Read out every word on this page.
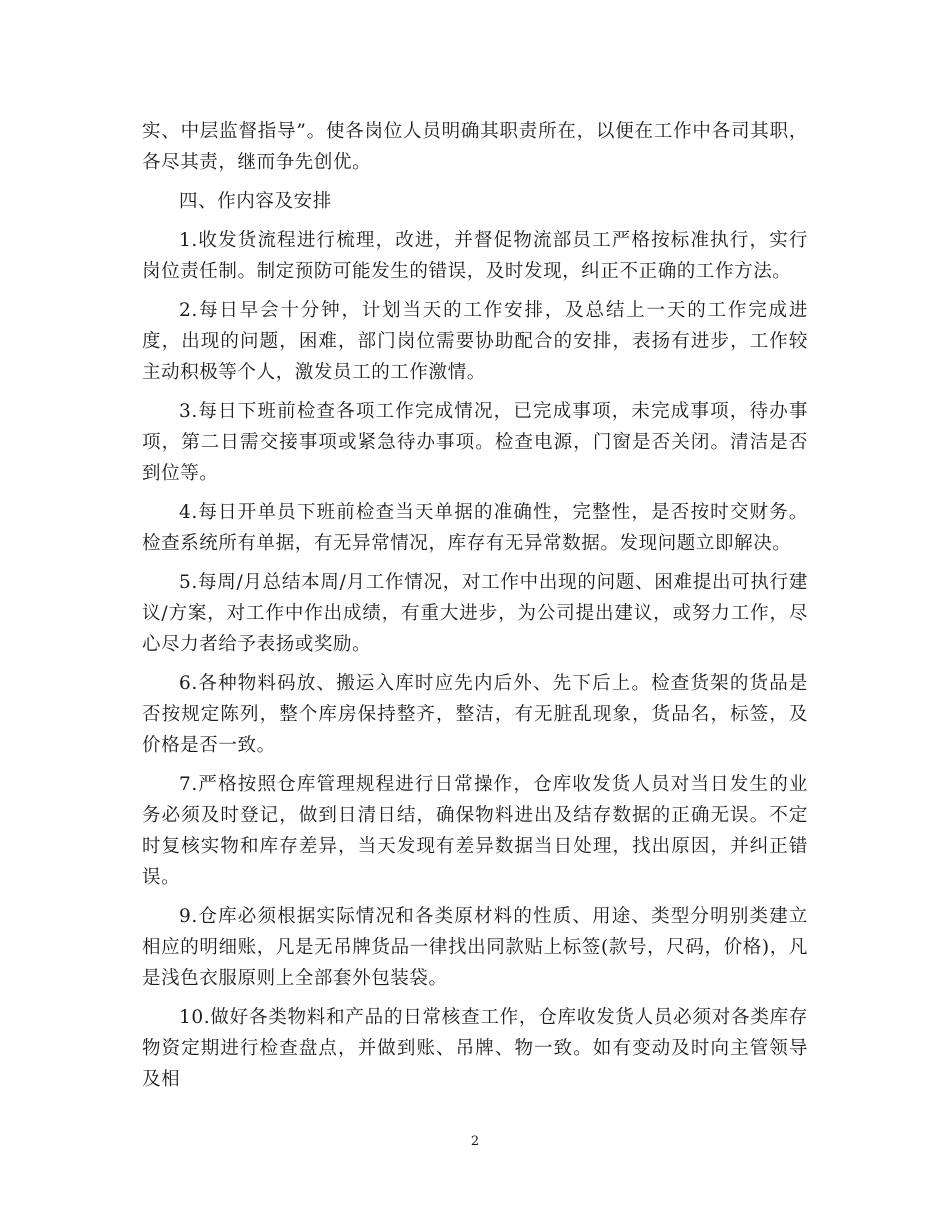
实、中层监督指导”。使各岗位人员明确其职责所在，以便在工作中各司其职，各尽其责，继而争先创优。

四、作内容及安排

1.收发货流程进行梳理，改进，并督促物流部员工严格按标准执行，实行岗位责任制。制定预防可能发生的错误，及时发现，纠正不正确的工作方法。

2.每日早会十分钟，计划当天的工作安排，及总结上一天的工作完成进度，出现的问题，困难，部门岗位需要协助配合的安排，表扬有进步，工作较主动积极等个人，激发员工的工作激情。

3.每日下班前检查各项工作完成情况，已完成事项，未完成事项，待办事项，第二日需交接事项或紧急待办事项。检查电源，门窗是否关闭。清洁是否到位等。

4.每日开单员下班前检查当天单据的准确性，完整性，是否按时交财务。检查系统所有单据，有无异常情况，库存有无异常数据。发现问题立即解决。

5.每周/月总结本周/月工作情况，对工作中出现的问题、困难提出可执行建议/方案，对工作中作出成绩，有重大进步，为公司提出建议，或努力工作，尽心尽力者给予表扬或奖励。

6.各种物料码放、搬运入库时应先内后外、先下后上。检查货架的货品是否按规定陈列，整个库房保持整齐，整洁，有无脏乱现象，货品名，标签，及价格是否一致。

7.严格按照仓库管理规程进行日常操作，仓库收发货人员对当日发生的业务必须及时登记，做到日清日结，确保物料进出及结存数据的正确无误。不定时复核实物和库存差异，当天发现有差异数据当日处理，找出原因，并纠正错误。

9.仓库必须根据实际情况和各类原材料的性质、用途、类型分明别类建立相应的明细账，凡是无吊牌货品一律找出同款贴上标签(款号，尺码，价格)，凡是浅色衣服原则上全部套外包装袋。

10.做好各类物料和产品的日常核查工作，仓库收发货人员必须对各类库存物资定期进行检查盘点，并做到账、吊牌、物一致。如有变动及时向主管领导及相

2
